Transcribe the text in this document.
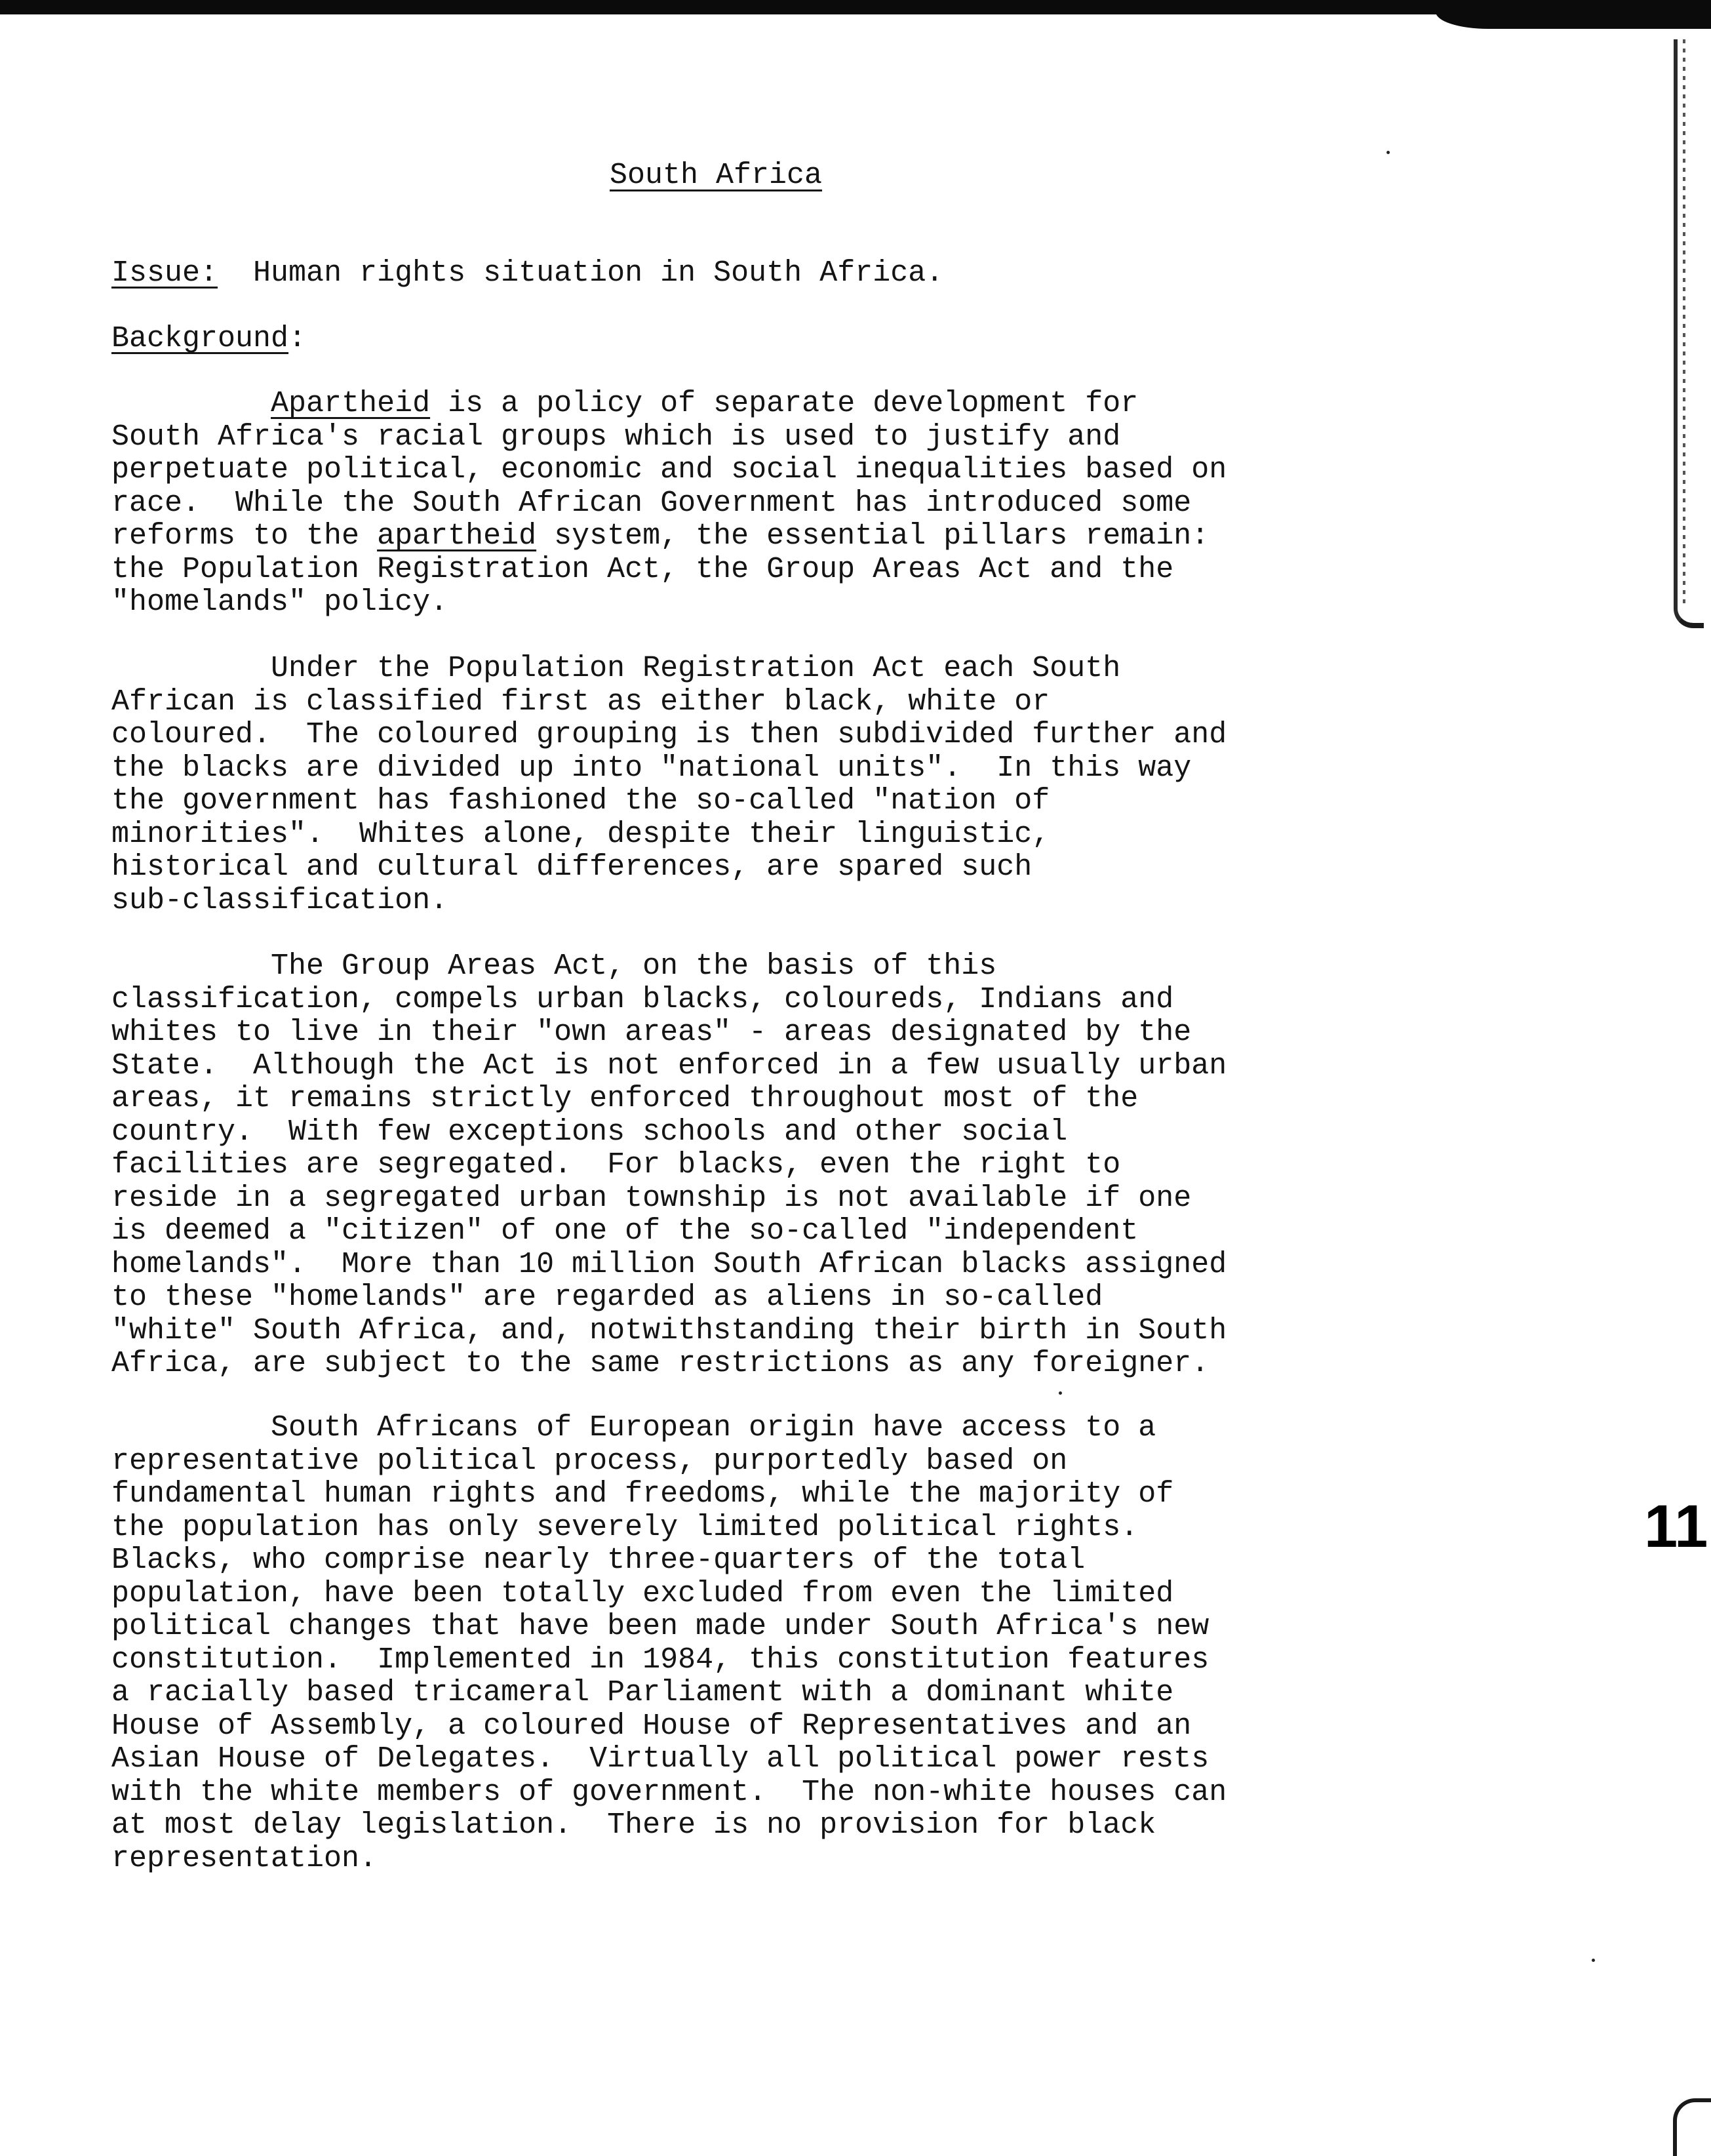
South Africa
Issue: Human rights situation in South Africa.
Background:
Apartheid is a policy of separate development for
South Africa's racial groups which is used to justify and
perpetuate political, economic and social inequalities based on
race.  While the South African Government has introduced some
reforms to the apartheid system, the essential pillars remain:
the Population Registration Act, the Group Areas Act and the
"homelands" policy.
Under the Population Registration Act each South
African is classified first as either black, white or
coloured.  The coloured grouping is then subdivided further and
the blacks are divided up into "national units".  In this way
the government has fashioned the so-called "nation of
minorities".  Whites alone, despite their linguistic,
historical and cultural differences, are spared such
sub-classification.
The Group Areas Act, on the basis of this
classification, compels urban blacks, coloureds, Indians and
whites to live in their "own areas" - areas designated by the
State.  Although the Act is not enforced in a few usually urban
areas, it remains strictly enforced throughout most of the
country.  With few exceptions schools and other social
facilities are segregated.  For blacks, even the right to
reside in a segregated urban township is not available if one
is deemed a "citizen" of one of the so-called "independent
homelands".  More than 10 million South African blacks assigned
to these "homelands" are regarded as aliens in so-called
"white" South Africa, and, notwithstanding their birth in South
Africa, are subject to the same restrictions as any foreigner.
South Africans of European origin have access to a
representative political process, purportedly based on
fundamental human rights and freedoms, while the majority of
the population has only severely limited political rights.
Blacks, who comprise nearly three-quarters of the total
population, have been totally excluded from even the limited
political changes that have been made under South Africa's new
constitution.  Implemented in 1984, this constitution features
a racially based tricameral Parliament with a dominant white
House of Assembly, a coloured House of Representatives and an
Asian House of Delegates.  Virtually all political power rests
with the white members of government.  The non-white houses can
at most delay legislation.  There is no provision for black
representation.
11
